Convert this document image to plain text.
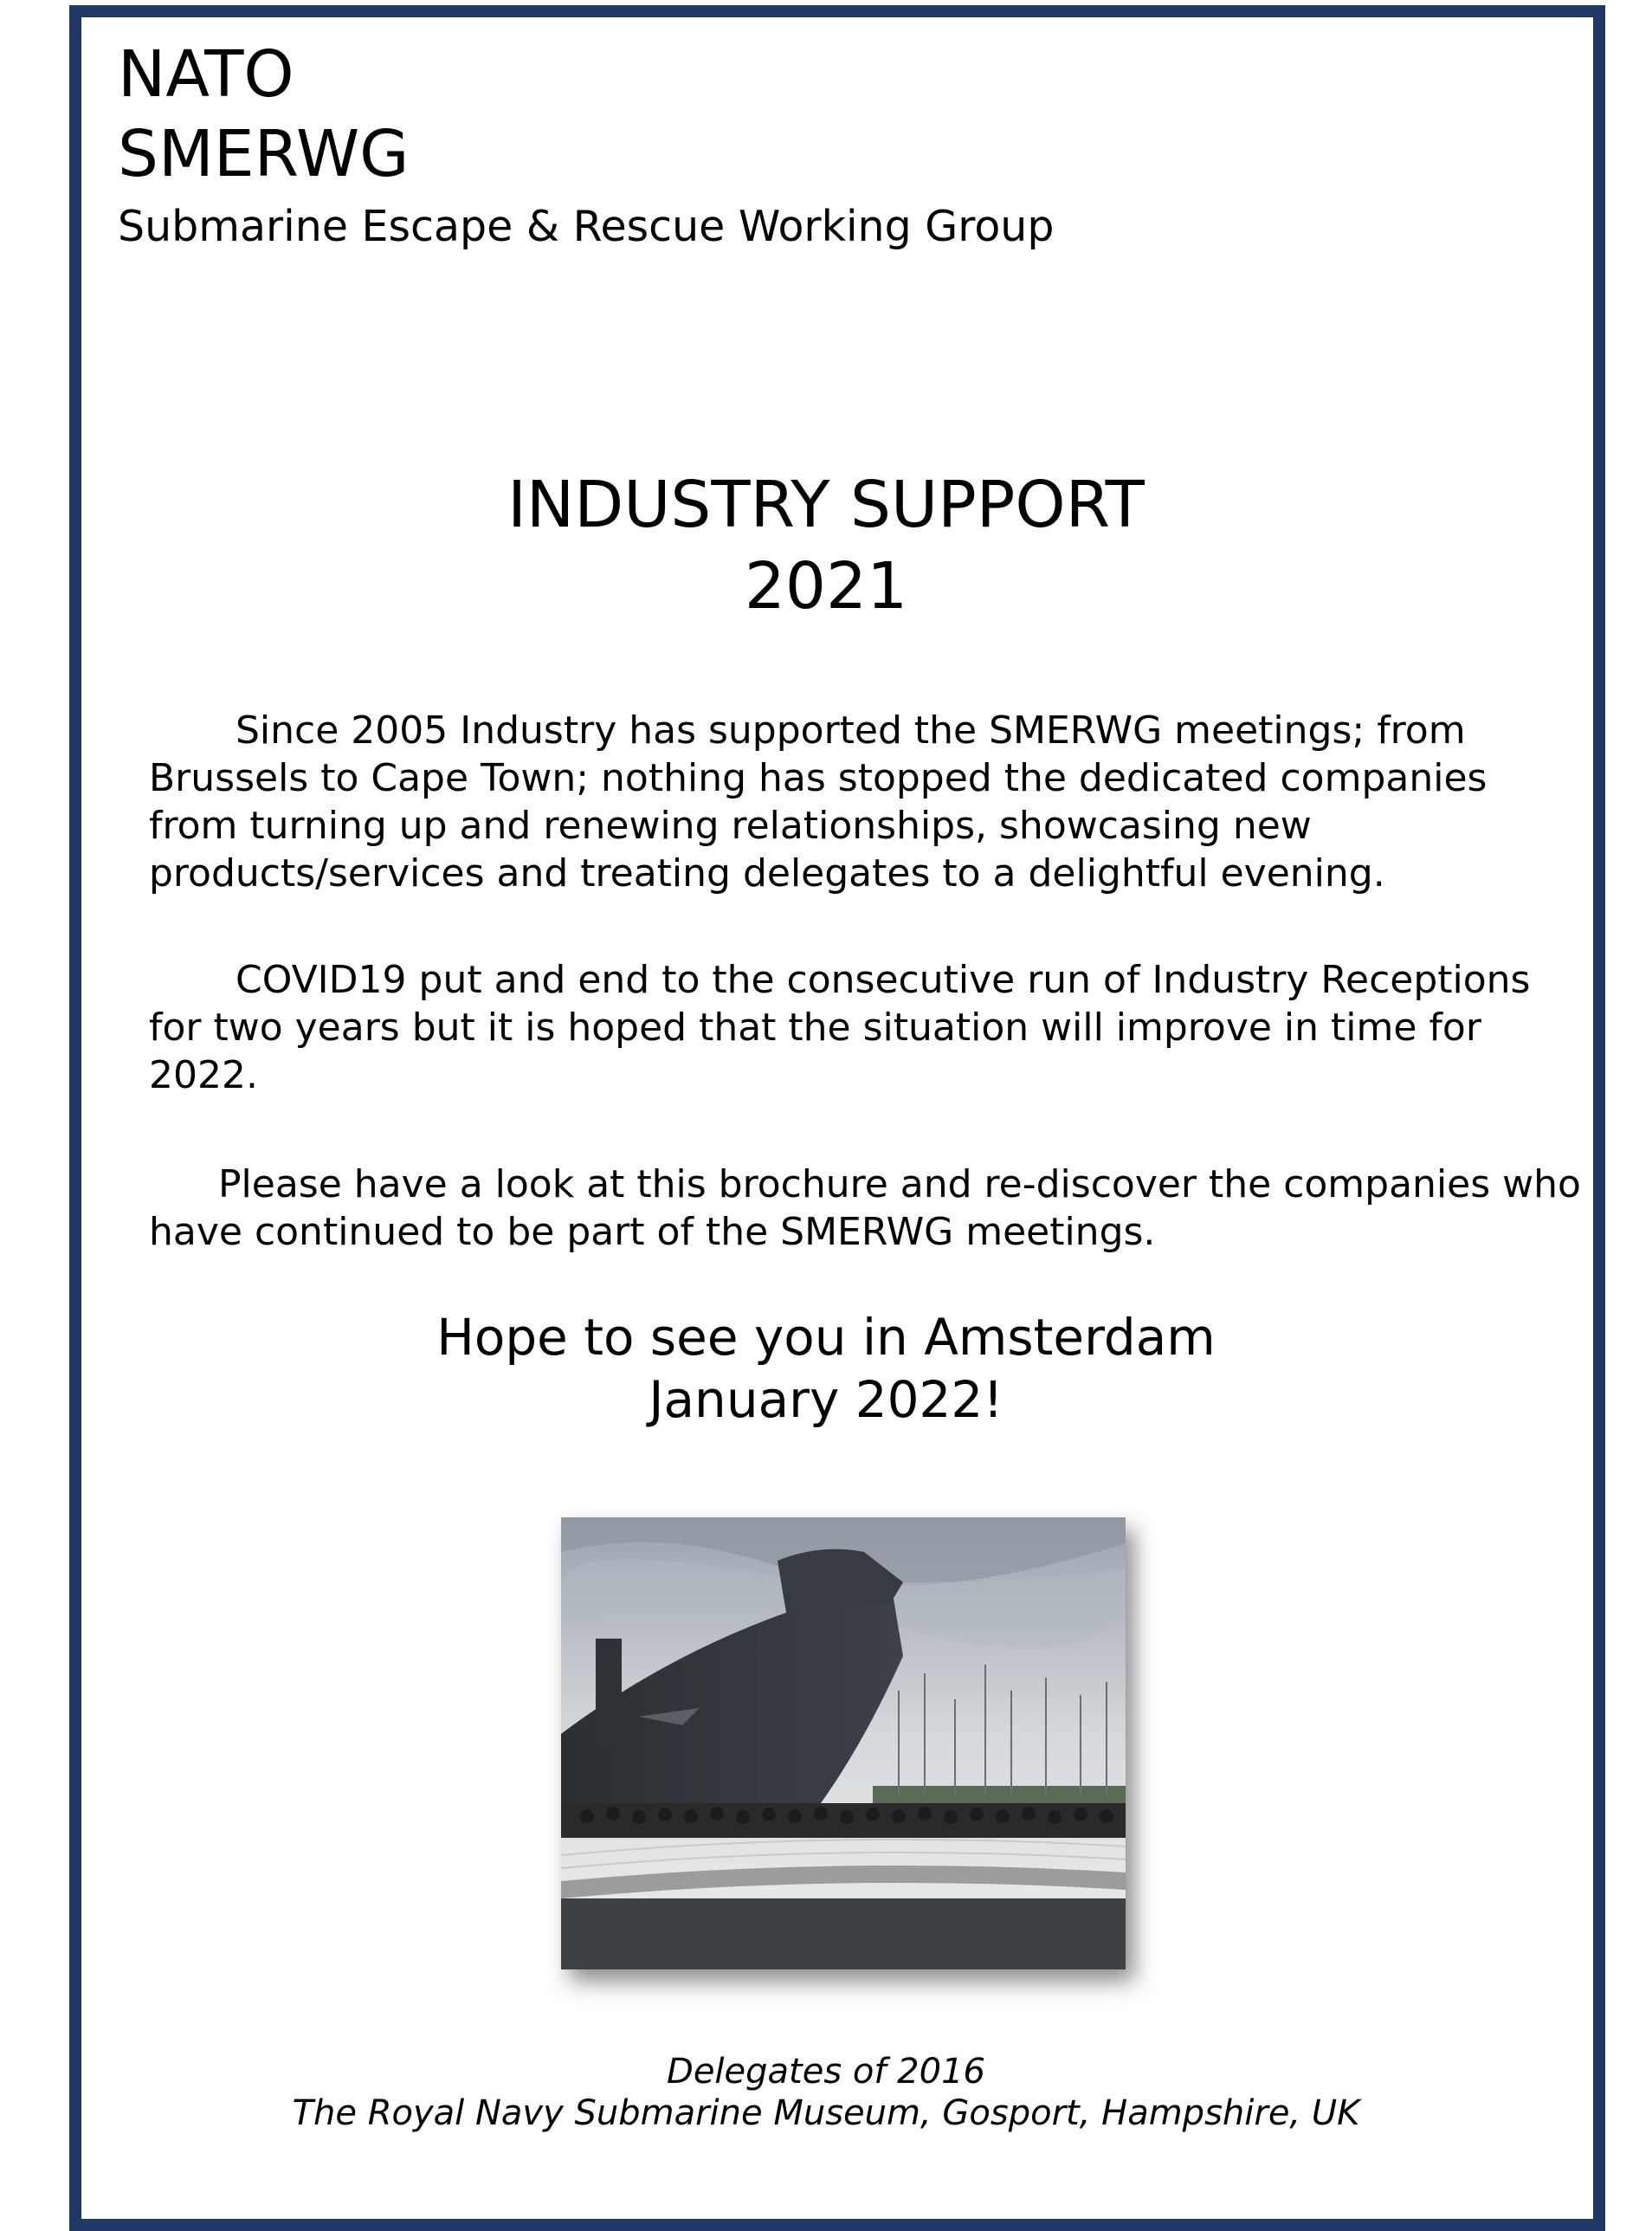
NATO
SMERWG

Submarine Escape & Rescue Working Group

INDUSTRY SUPPORT
2021

Since 2005 Industry has supported the SMERWG meetings; from Brussels to Cape Town; nothing has stopped the dedicated companies from turning up and renewing relationships, showcasing new products/services and treating delegates to a delightful evening.

COVID19 put and end to the consecutive run of Industry Receptions for two years but it is hoped that the situation will improve in time for 2022.

Please have a look at this brochure and re-discover the companies who have continued to be part of the SMERWG meetings.

Hope to see you in Amsterdam
January 2022!

Delegates of 2016

The Royal Navy Submarine Museum, Gosport, Hampshire, UK
